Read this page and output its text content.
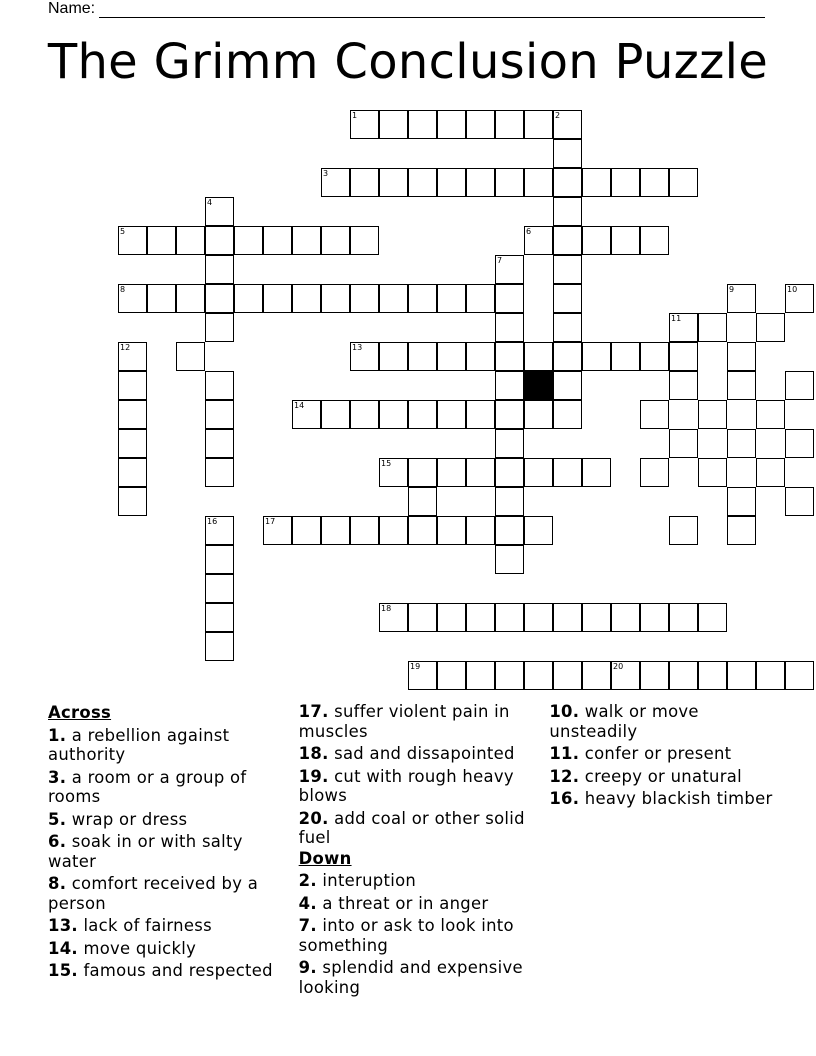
Name:
The Grimm Conclusion Puzzle
1	2
3
4
5	6
7
8	9	10
11
12	13
14
15
16	17
18
19	20
Across
1. a rebellion against authority
3. a room or a group of rooms
5. wrap or dress
6. soak in or with salty water
8. comfort received by a person
13. lack of fairness
14. move quickly
15. famous and respected
17. suffer violent pain in muscles
18. sad and dissapointed
19. cut with rough heavy blows
20. add coal or other solid fuel
Down
2. interuption
4. a threat or in anger
7. into or ask to look into something
9. splendid and expensive looking
10. walk or move unsteadily
11. confer or present
12. creepy or unatural
16. heavy blackish timber
